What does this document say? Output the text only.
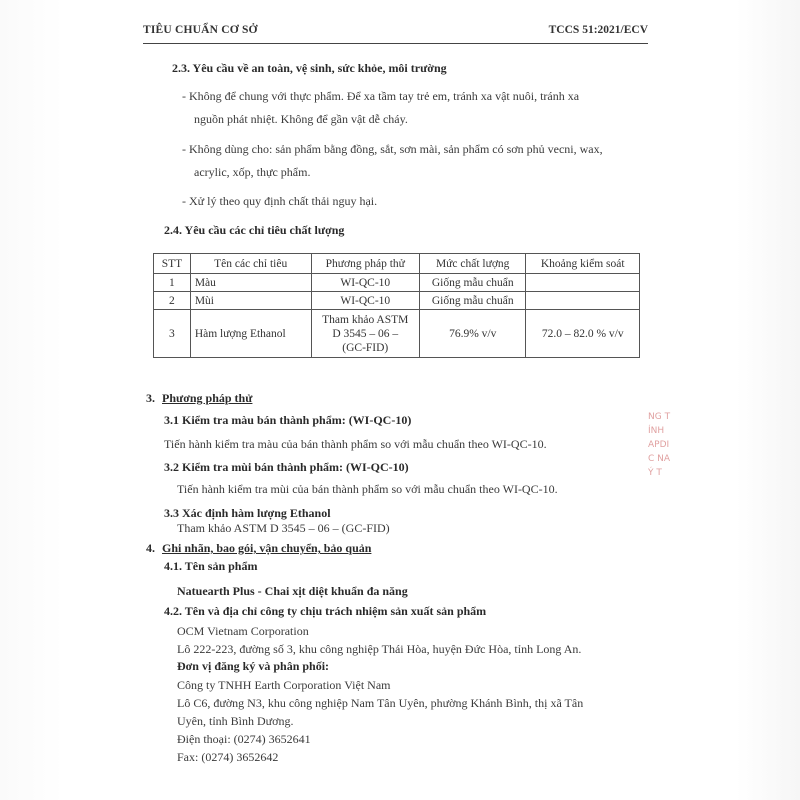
TIÊU CHUẨN CƠ SỞ	TCCS 51:2021/ECV
2.3. Yêu cầu về an toàn, vệ sinh, sức khỏe, môi trường
- Không để chung với thực phẩm. Để xa tầm tay trẻ em, tránh xa vật nuôi, tránh xa
nguồn phát nhiệt. Không để gần vật dễ cháy.
- Không dùng cho: sản phẩm bằng đồng, sắt, sơn mài, sản phẩm có sơn phủ vecni, wax,
acrylic, xốp, thực phẩm.
- Xử lý theo quy định chất thải nguy hại.
2.4. Yêu cầu các chỉ tiêu chất lượng
STT	Tên các chỉ tiêu	Phương pháp thử	Mức chất lượng	Khoảng kiểm soát
1	Màu	WI-QC-10	Giống mẫu chuẩn	
2	Mùi	WI-QC-10	Giống mẫu chuẩn	
3	Hàm lượng Ethanol	Tham khảo ASTM
D 3545 – 06 –
(GC-FID)	76.9% v/v	72.0 – 82.0 % v/v
3. Phương pháp thử
3.1 Kiểm tra màu bán thành phẩm: (WI-QC-10)
Tiến hành kiểm tra màu của bán thành phẩm so với mẫu chuẩn theo WI-QC-10.
3.2 Kiểm tra mùi bán thành phẩm: (WI-QC-10)
Tiến hành kiểm tra mùi của bán thành phẩm so với mẫu chuẩn theo WI-QC-10.
3.3 Xác định hàm lượng Ethanol
Tham khảo ASTM D 3545 – 06 – (GC-FID)
4. Ghi nhãn, bao gói, vận chuyển, bảo quản
4.1. Tên sản phẩm
Natuearth Plus - Chai xịt diệt khuẩn đa năng
4.2. Tên và địa chỉ công ty chịu trách nhiệm sản xuất sản phẩm
OCM Vietnam Corporation
Lô 222-223, đường số 3, khu công nghiệp Thái Hòa, huyện Đức Hòa, tỉnh Long An.
Đơn vị đăng ký và phân phối:
Công ty TNHH Earth Corporation Việt Nam
Lô C6, đường N3, khu công nghiệp Nam Tân Uyên, phường Khánh Bình, thị xã Tân
Uyên, tỉnh Bình Dương.
Điện thoại: (0274) 3652641
Fax: (0274) 3652642
NG T
ÍNH
APDI
C NA
Ý T
